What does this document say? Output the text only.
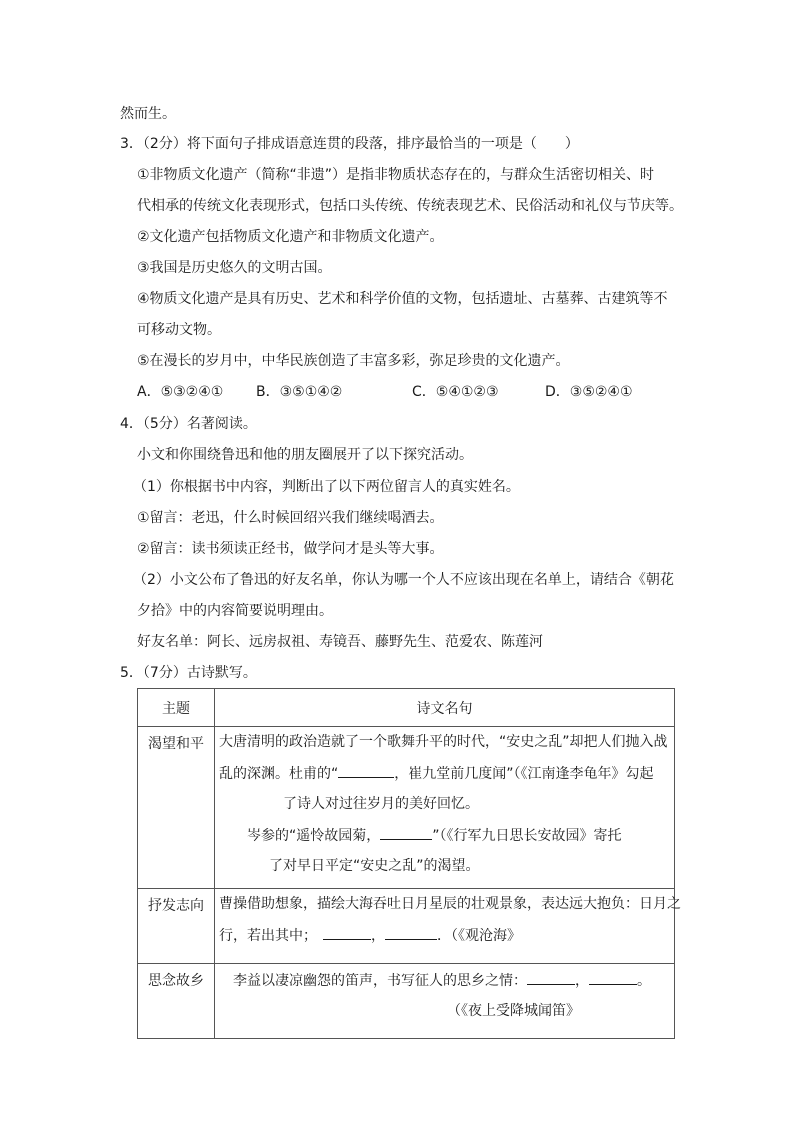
然而生。
3．（2分）将下面句子排成语意连贯的段落，排序最恰当的一项是（　　）
①非物质文化遗产（简称“非遗”）是指非物质状态存在的，与群众生活密切相关、时
代相承的传统文化表现形式，包括口头传统、传统表现艺术、民俗活动和礼仪与节庆等。
②文化遗产包括物质文化遗产和非物质文化遗产。
③我国是历史悠久的文明古国。
④物质文化遗产是具有历史、艺术和科学价值的文物，包括遗址、古墓葬、古建筑等不
可移动文物。
⑤在漫长的岁月中，中华民族创造了丰富多彩，弥足珍贵的文化遗产。
A．⑤③②④① B．③⑤①④②	C．⑤④①②③	D．③⑤②④①
4．（5分）名著阅读。
小文和你围绕鲁迅和他的朋友圈展开了以下探究活动。
（1）你根据书中内容，判断出了以下两位留言人的真实姓名。
①留言：老迅，什么时候回绍兴我们继续喝酒去。
②留言：读书须读正经书，做学问才是头等大事。
（2）小文公布了鲁迅的好友名单，你认为哪一个人不应该出现在名单上，请结合《朝花
夕拾》中的内容简要说明理由。
好友名单：阿长、远房叔祖、寿镜吾、藤野先生、范爱农、陈莲河
5．（7分）古诗默写。
主题	诗文名句
渴望和平	大唐清明的政治造就了一个歌舞升平的时代，“安史之乱”却把人们抛入战
乱的深渊。杜甫的“ ，崔九堂前几度闻”（《江南逢李龟年》勾起
了诗人对过往岁月的美好回忆。
岑参的“遥怜故园菊， ”（《行军九日思长安故园》寄托
了对早日平定“安史之乱”的渴望。

抒发志向	曹操借助想象，描绘大海吞吐日月星辰的壮观景象，表达远大抱负：日月之
行，若出其中； ， ．（《观沧海》

思念故乡	李益以凄凉幽怨的笛声，书写征人的思乡之情： ， 。
（《夜上受降城闻笛》
